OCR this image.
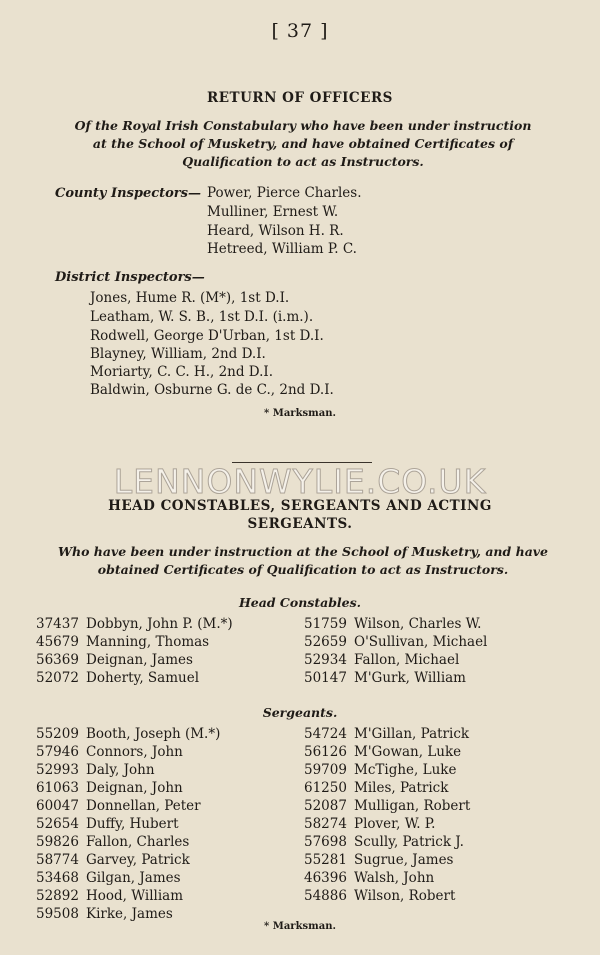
[ 37 ]
RETURN OF OFFICERS
Of the Royal Irish Constabulary who have been under instruction
at the School of Musketry, and have obtained Certificates of
Qualification to act as Instructors.
County Inspectors— Power, Pierce Charles.
Mulliner, Ernest W.
Heard, Wilson H. R.
Hetreed, William P. C.
District Inspectors—
Jones, Hume R. (M*), 1st D.I.
Leatham, W. S. B., 1st D.I. (i.m.).
Rodwell, George D'Urban, 1st D.I.
Blayney, William, 2nd D.I.
Moriarty, C. C. H., 2nd D.I.
Baldwin, Osburne G. de C., 2nd D.I.
* Marksman.
LENNONWYLIE.CO.UK
HEAD CONSTABLES, SERGEANTS AND ACTING
SERGEANTS.
Who have been under instruction at the School of Musketry, and have
obtained Certificates of Qualification to act as Instructors.
Head Constables.
37437 Dobbyn, John P. (M.*)	51759 Wilson, Charles W.
45679 Manning, Thomas	52659 O'Sullivan, Michael
56369 Deignan, James	52934 Fallon, Michael
52072 Doherty, Samuel	50147 M'Gurk, William
Sergeants.
55209 Booth, Joseph (M.*)	54724 M'Gillan, Patrick
57946 Connors, John	56126 M'Gowan, Luke
52993 Daly, John	59709 McTighe, Luke
61063 Deignan, John	61250 Miles, Patrick
60047 Donnellan, Peter	52087 Mulligan, Robert
52654 Duffy, Hubert	58274 Plover, W. P.
59826 Fallon, Charles	57698 Scully, Patrick J.
58774 Garvey, Patrick	55281 Sugrue, James
53468 Gilgan, James	46396 Walsh, John
52892 Hood, William	54886 Wilson, Robert
59508 Kirke, James
* Marksman.
